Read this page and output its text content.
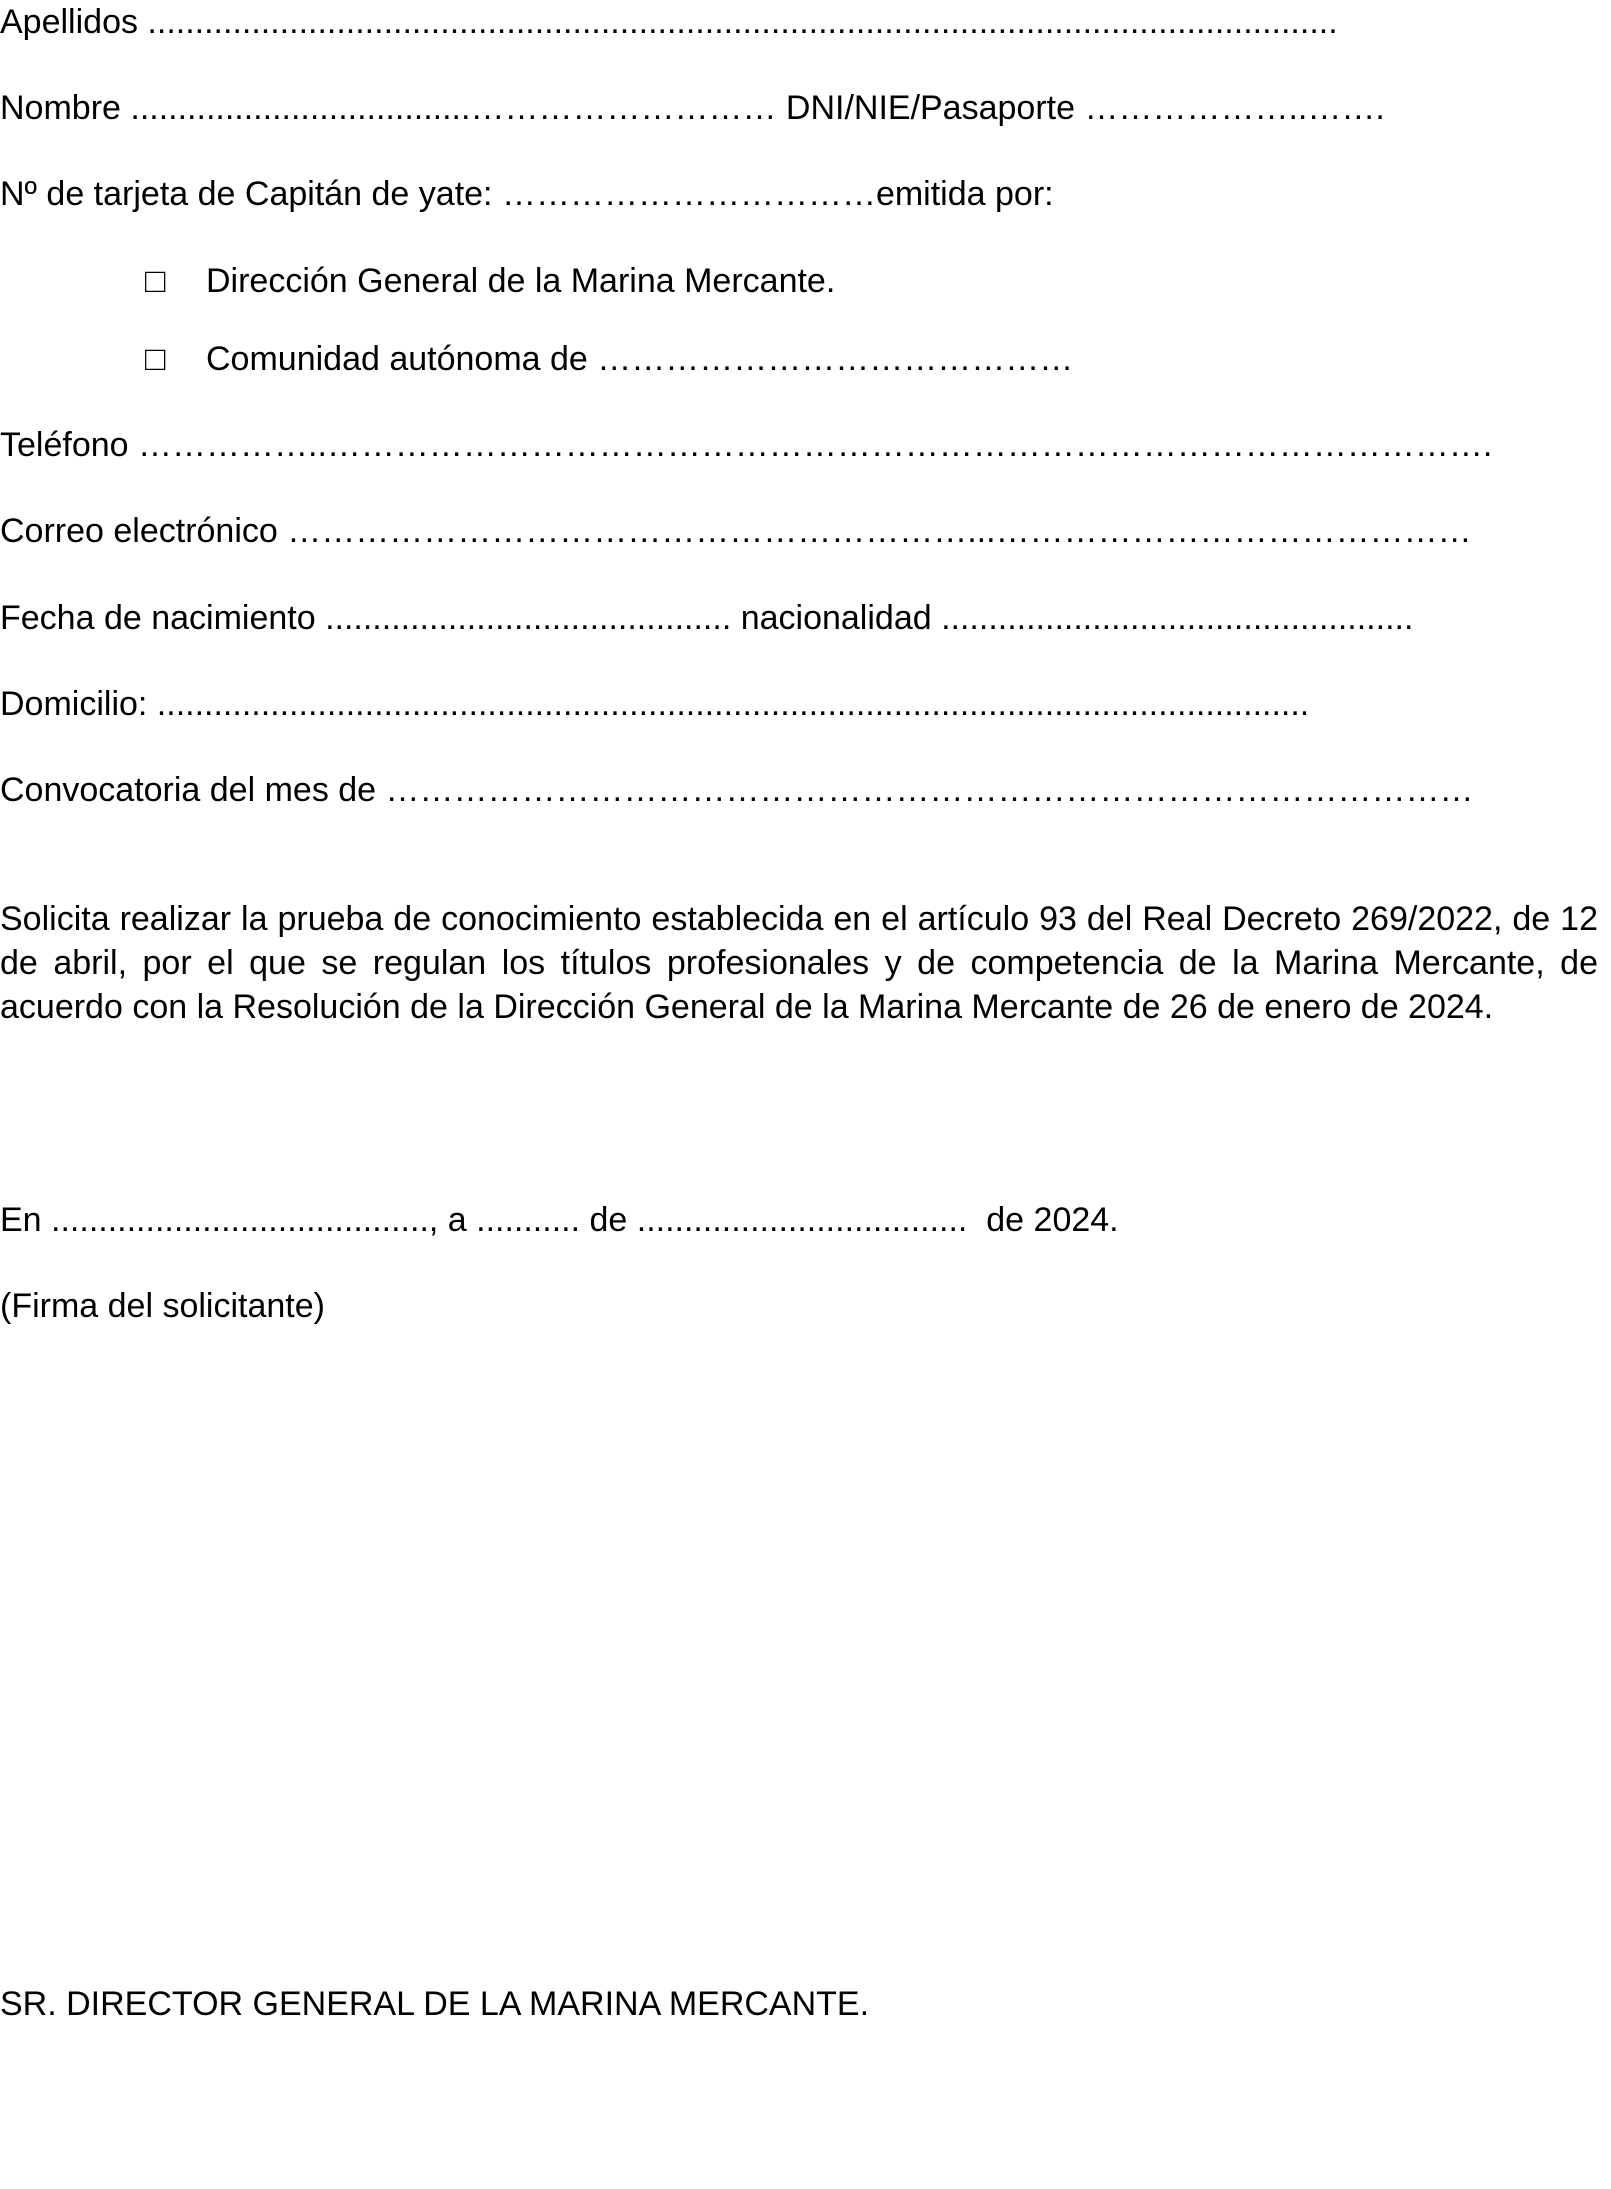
Apellidos ..............................................................................................................................
Nombre ....................................……………………… DNI/NIE/Pasaporte ………………..…….
Nº de tarjeta de Capitán de yate: ……………………………emitida por:
□ Dirección General de la Marina Mercante.
□ Comunidad autónoma de ……………………………………
Teléfono ……………..………………………………………………………………………………………….
Correo electrónico ……………………………………………………...……………………………………
Fecha de nacimiento ........................................... nacionalidad ..................................................
Domicilio: ..........................................................................................................................
Convocatoria del mes de ……………………………………………………………………………………
Solicita realizar la prueba de conocimiento establecida en el artículo 93 del Real Decreto 269/2022, de 12 de abril, por el que se regulan los títulos profesionales y de competencia de la Marina Mercante, de acuerdo con la Resolución de la Dirección General de la Marina Mercante de 26 de enero de 2024.
En ........................................, a ........... de ...................................  de 2024.
(Firma del solicitante)
SR. DIRECTOR GENERAL DE LA MARINA MERCANTE.
